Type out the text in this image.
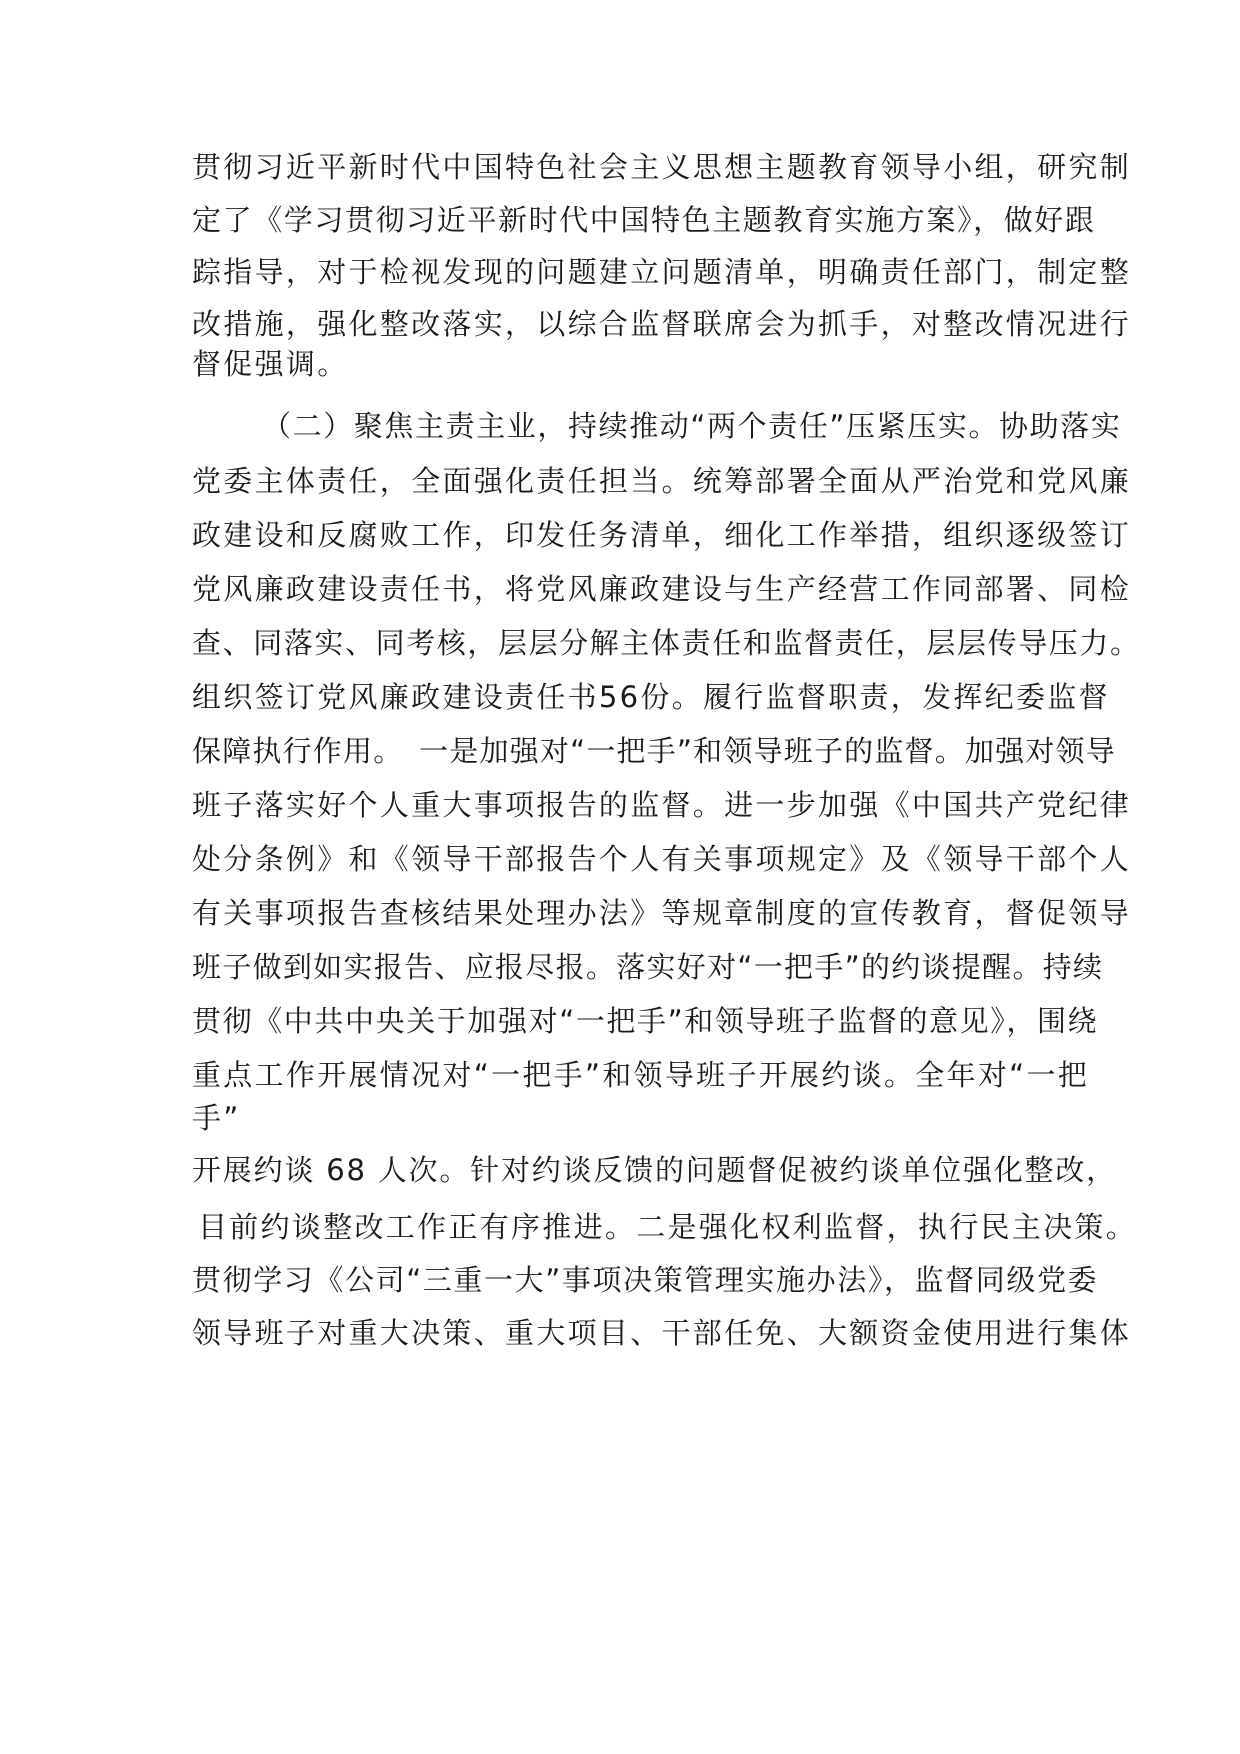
贯彻习近平新时代中国特色社会主义思想主题教育领导小组，研究制
定了《学习贯彻习近平新时代中国特色主题教育实施方案》，做好跟
踪指导，对于检视发现的问题建立问题清单，明确责任部门，制定整
改措施，强化整改落实，以综合监督联席会为抓手，对整改情况进行
督促强调。
（二）聚焦主责主业，持续推动“两个责任”压紧压实。协助落实
党委主体责任，全面强化责任担当。统筹部署全面从严治党和党风廉
政建设和反腐败工作，印发任务清单，细化工作举措，组织逐级签订
党风廉政建设责任书，将党风廉政建设与生产经营工作同部署、同检
查、同落实、同考核，层层分解主体责任和监督责任，层层传导压力。
组织签订党风廉政建设责任书56份。履行监督职责，发挥纪委监督
保障执行作用。　一是加强对“一把手”和领导班子的监督。加强对领导
班子落实好个人重大事项报告的监督。进一步加强《中国共产党纪律
处分条例》和《领导干部报告个人有关事项规定》及《领导干部个人
有关事项报告查核结果处理办法》等规章制度的宣传教育，督促领导
班子做到如实报告、应报尽报。落实好对“一把手”的约谈提醒。持续
贯彻《中共中央关于加强对“一把手”和领导班子监督的意见》，围绕
重点工作开展情况对“一把手”和领导班子开展约谈。全年对“一把
手”
开展约谈 68 人次。针对约谈反馈的问题督促被约谈单位强化整改，
目前约谈整改工作正有序推进。二是强化权利监督，执行民主决策。
贯彻学习《公司“三重一大”事项决策管理实施办法》，监督同级党委
领导班子对重大决策、重大项目、干部任免、大额资金使用进行集体
